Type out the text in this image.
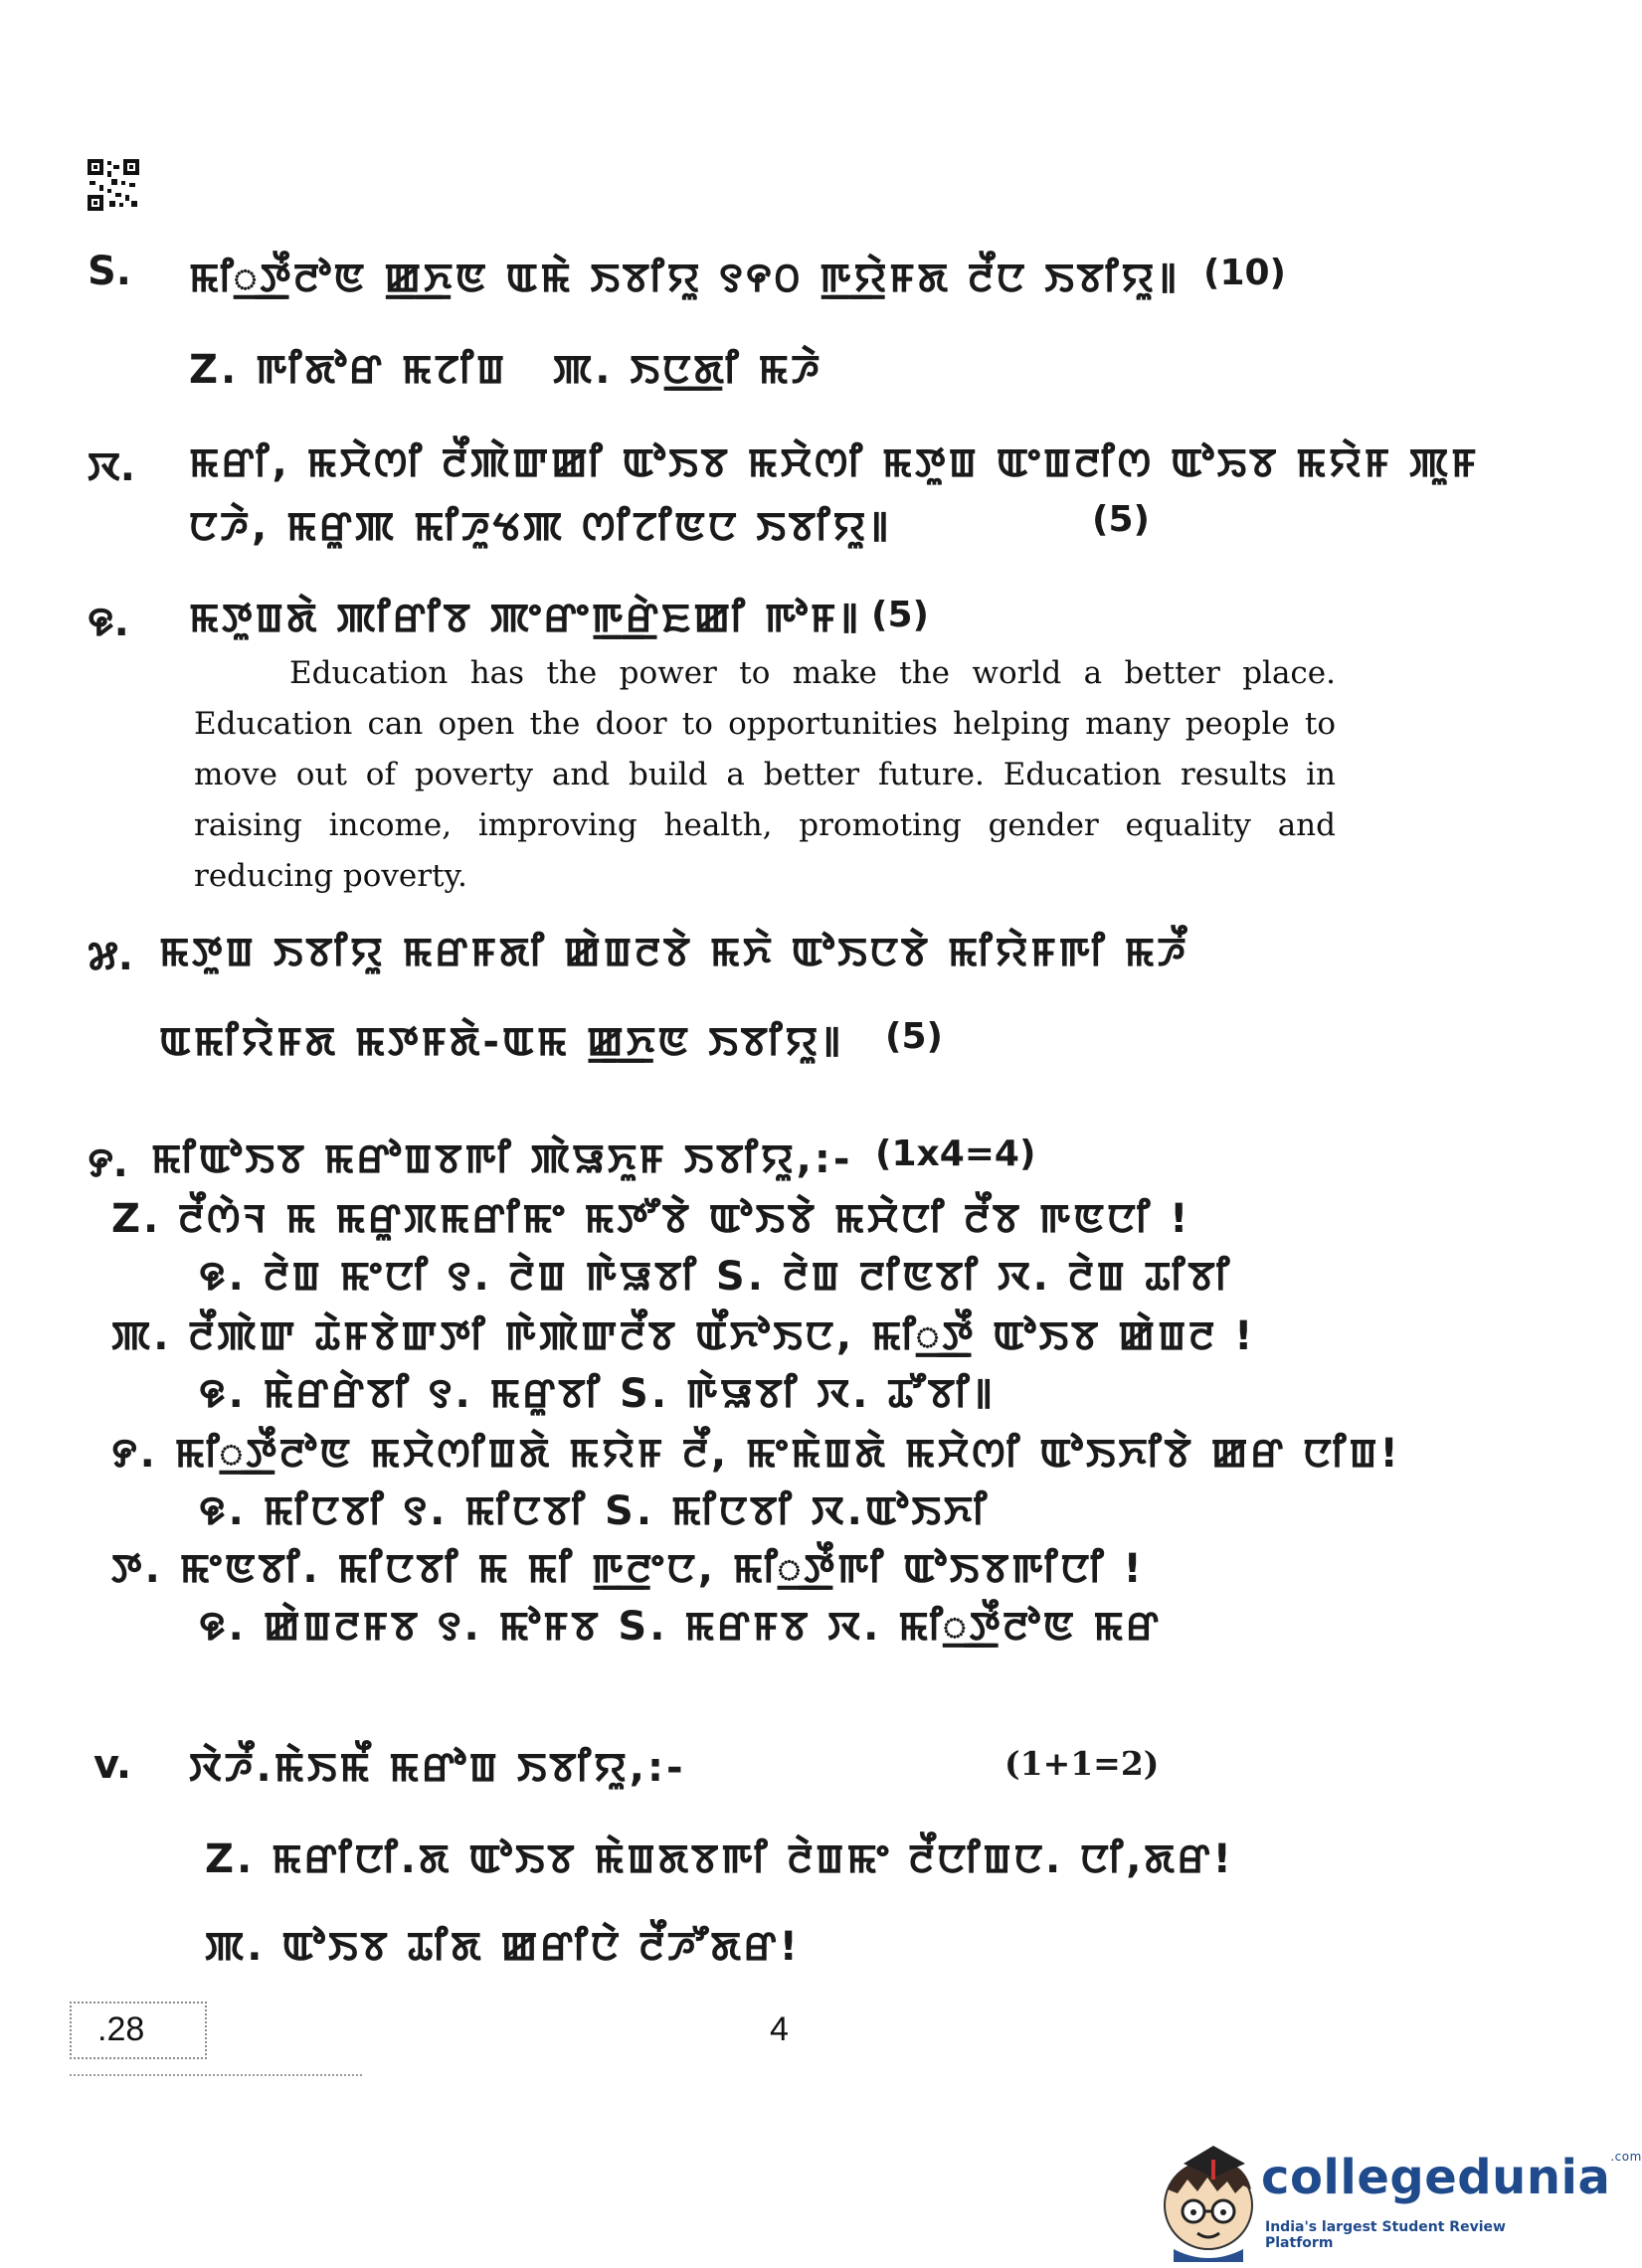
S. ꯃꯤ꯭ꯇꯩꯂꯣꯟ ꯀ꯭ꯈꯟ ꯑꯃꯥ ꯏꯕꯤꯌꯨ ꯱꯵꯰ ꯒ꯭ꯌꯥꯝꯗ ꯂꯩꯅ ꯏꯕꯤꯌꯨ꯫ (10)
Z. ꯒꯤꯗꯣꯔ ꯃꯖꯤꯡ ꯄ. ꯏꯅ꯭ꯗꯤ ꯃꯍꯥ
ꯋ. ꯃꯔꯤ, ꯃꯆꯥꯁꯤ ꯂꯩꯄꯥꯛꯀꯤ ꯑꯣꯏꯕ ꯃꯆꯥꯁꯤ ꯃꯇꯨꯡ ꯑꯦꯡꯂꯤꯁ ꯑꯣꯢꯕ ꯃꯌꯥꯝ ꯄꯨꯝ
ꯅꯍꯥ, ꯃꯔꯨꯄ ꯃꯤꯍꯨꯠꯄ ꯁꯤꯖꯤꯟꯅ ꯏꯕꯤꯌꯨ꯫	(5)
꯶. ꯃꯇꯨꯡꯗꯥ ꯄꯤꯔꯤꯕ ꯄꯦꯔꯦꯒ꯭ꯔꯥꯐꯀꯤ ꯒꯣꯝ꯫ (5)
Education has the power to make the world a better place. Education can open the door to opportunities helping many people to move out of poverty and build a better future. Education results in raising income, improving health, promoting gender equality and reducing poverty.
꯷. ꯃꯇꯨꯡ ꯏꯕꯤꯌꯨ ꯃꯔꯝꯗꯤ ꯀꯥꯡꯂꯕꯥ ꯃꯈꯥ ꯑꯣꯏꯅꯕꯥ ꯃꯤꯌꯥꯝꯒꯤ ꯃꯍꯩ
ꯑꯃꯤꯌꯥꯝꯗ ꯃꯇꯝꯗꯥ-ꯑꯃ ꯀ꯭ꯈꯟ ꯏꯕꯤꯌꯨ꯫ (5)
꯸. ꯃꯤꯑꯣꯏꯕ ꯃꯔꯣꯡꯕꯒꯤ ꯄꯥꯎꯈꯨꯝ ꯏꯕꯤꯌꯨ,:- (1x4=4)
Z. ꯂꯩꯁꯥꯜ ꯃ ꯃꯔꯨꯞꯃꯔꯤꯃꯦ ꯃꯇꯧꯕꯥ ꯑꯣꯏꯕꯥ ꯃꯆꯥꯅꯤ ꯂꯩꯕ ꯒꯟꯅꯤ !
꯶. ꯂꯥꯡ ꯃꯦꯅꯤ ꯱. ꯂꯥꯡ ꯒꯥꯎꯕꯤ S. ꯂꯥꯡ ꯂꯤꯟꯕꯤ ꯋ. ꯂꯥꯡ ꯊꯤꯕꯤ
ꯄ. ꯂꯩꯄꯥꯛ ꯊꯥꯝꯕꯥꯛꯇꯤ ꯒꯥꯄꯥꯛꯂꯩꯕ ꯑꯩꯈꯣꯏꯅ, ꯃꯤ꯭ꯇꯩ ꯑꯣꯏꯕ ꯀꯥꯡꯂ !
꯶. ꯃꯥꯔꯔꯥꯕꯤ ꯱. ꯃꯔꯨꯕꯤ S. ꯒꯥꯎꯕꯤ ꯋ. ꯊꯧꯕꯤ꯫
꯸. ꯃꯤ꯭ꯇꯩꯂꯣꯟ ꯃꯆꯥꯁꯤꯡꯗꯥ ꯃꯌꯥꯝ ꯂꯩ, ꯃꯦꯃꯥꯡꯗꯥ ꯃꯆꯥꯁꯤ ꯑꯣꯏꯈꯤꯕꯥ ꯀꯔ ꯅꯤꯡ!
꯶. ꯃꯤꯅꯕꯤ ꯱. ꯃꯤꯅꯕꯤ S. ꯃꯤꯅꯕꯤ ꯋ.ꯑꯣꯏꯈꯤ
ꯇ. ꯃꯦꯟꯕꯤ. ꯃꯤꯅꯕꯤ ꯃ ꯃꯤ ꯒ꯭ꯂꯦꯅ, ꯃꯤ꯭ꯇꯩꯒꯤ ꯑꯣꯏꯕꯒꯤꯅꯤ !
꯶. ꯀꯥꯡꯂꯝꯕ ꯱. ꯃꯣꯝꯕ S. ꯃꯔꯝꯕ ꯋ. ꯃꯤ꯭ꯇꯩꯂꯣꯟ ꯃꯔ
v. ꯋꯥꯍꯩ.ꯃꯥꯏꯃꯩ ꯃꯔꯣꯡ ꯏꯕꯤꯌꯨ,:-	(1+1=2)
Z. ꯃꯔꯤꯅꯤ.ꯗ ꯑꯣꯏꯕ ꯃꯥꯡꯗꯕꯒꯤ ꯂꯥꯡꯃꯦ ꯂꯩꯅꯤꯡꯅ. ꯅꯤ,ꯗꯔ!
ꯄ. ꯑꯣꯏꯕ ꯊꯤꯗ ꯀꯔꯤꯅꯥ ꯂꯩꯍꯧꯗꯔ!
.28	4
collegedunia$^{.com}$
India's largest Student Review Platform
